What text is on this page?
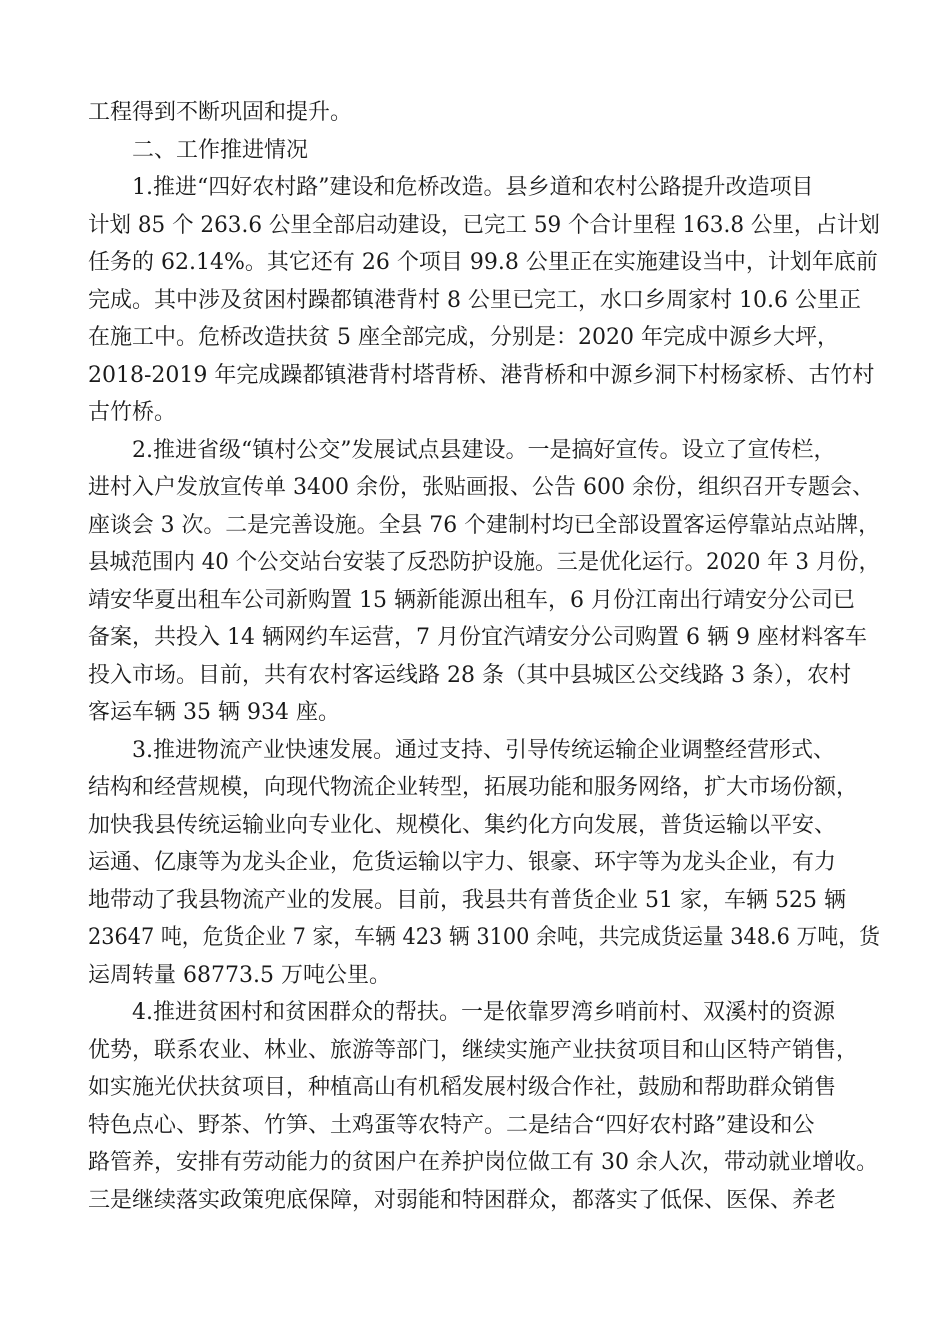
工程得到不断巩固和提升。
二、工作推进情况
1.推进“四好农村路”建设和危桥改造。县乡道和农村公路提升改造项目
计划 85 个 263.6 公里全部启动建设，已完工 59 个合计里程 163.8 公里，占计划
任务的 62.14%。其它还有 26 个项目 99.8 公里正在实施建设当中，计划年底前
完成。其中涉及贫困村躁都镇港背村 8 公里已完工，水口乡周家村 10.6 公里正
在施工中。危桥改造扶贫 5 座全部完成，分别是：2020 年完成中源乡大坪，
2018-2019 年完成躁都镇港背村塔背桥、港背桥和中源乡洞下村杨家桥、古竹村
古竹桥。
2.推进省级“镇村公交”发展试点县建设。一是搞好宣传。设立了宣传栏，
进村入户发放宣传单 3400 余份，张贴画报、公告 600 余份，组织召开专题会、
座谈会 3 次。二是完善设施。全县 76 个建制村均已全部设置客运停靠站点站牌，
县城范围内 40 个公交站台安装了反恐防护设施。三是优化运行。2020 年 3 月份，
靖安华夏出租车公司新购置 15 辆新能源出租车，6 月份江南出行靖安分公司已
备案，共投入 14 辆网约车运营，7 月份宜汽靖安分公司购置 6 辆 9 座材料客车
投入市场。目前，共有农村客运线路 28 条（其中县城区公交线路 3 条），农村
客运车辆 35 辆 934 座。
3.推进物流产业快速发展。通过支持、引导传统运输企业调整经营形式、
结构和经营规模，向现代物流企业转型，拓展功能和服务网络，扩大市场份额，
加快我县传统运输业向专业化、规模化、集约化方向发展，普货运输以平安、
运通、亿康等为龙头企业，危货运输以宇力、银豪、环宇等为龙头企业，有力
地带动了我县物流产业的发展。目前，我县共有普货企业 51 家，车辆 525 辆
23647 吨，危货企业 7 家，车辆 423 辆 3100 余吨，共完成货运量 348.6 万吨，货
运周转量 68773.5 万吨公里。
4.推进贫困村和贫困群众的帮扶。一是依靠罗湾乡哨前村、双溪村的资源
优势，联系农业、林业、旅游等部门，继续实施产业扶贫项目和山区特产销售，
如实施光伏扶贫项目，种植高山有机稻发展村级合作社，鼓励和帮助群众销售
特色点心、野茶、竹笋、土鸡蛋等农特产。二是结合“四好农村路”建设和公
路管养，安排有劳动能力的贫困户在养护岗位做工有 30 余人次，带动就业增收。
三是继续落实政策兜底保障，对弱能和特困群众，都落实了低保、医保、养老
